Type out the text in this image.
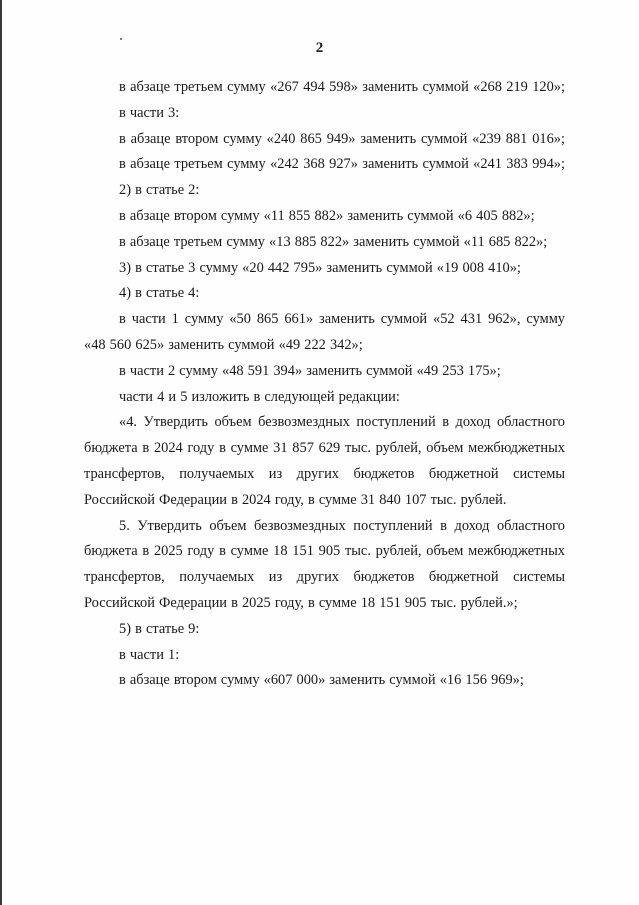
2

в абзаце третьем сумму «267 494 598» заменить суммой «268 219 120»;

в части 3:

в абзаце втором сумму «240 865 949» заменить суммой «239 881 016»;

в абзаце третьем сумму «242 368 927» заменить суммой «241 383 994»;

2) в статье 2:

в абзаце втором сумму «11 855 882» заменить суммой «6 405 882»;

в абзаце третьем сумму «13 885 822» заменить суммой «11 685 822»;

3) в статье 3 сумму «20 442 795» заменить суммой «19 008 410»;

4) в статье 4:

в части 1 сумму «50 865 661» заменить суммой «52 431 962», сумму «48 560 625» заменить суммой «49 222 342»;

в части 2 сумму «48 591 394» заменить суммой «49 253 175»;

части 4 и 5 изложить в следующей редакции:

«4. Утвердить объем безвозмездных поступлений в доход областного бюджета в 2024 году в сумме 31 857 629 тыс. рублей, объем межбюджетных трансфертов, получаемых из других бюджетов бюджетной системы Российской Федерации в 2024 году, в сумме 31 840 107 тыс. рублей.

5. Утвердить объем безвозмездных поступлений в доход областного бюджета в 2025 году в сумме 18 151 905 тыс. рублей, объем межбюджетных трансфертов, получаемых из других бюджетов бюджетной системы Российской Федерации в 2025 году, в сумме 18 151 905 тыс. рублей.»;

5) в статье 9:

в части 1:

в абзаце втором сумму «607 000» заменить суммой «16 156 969»;
